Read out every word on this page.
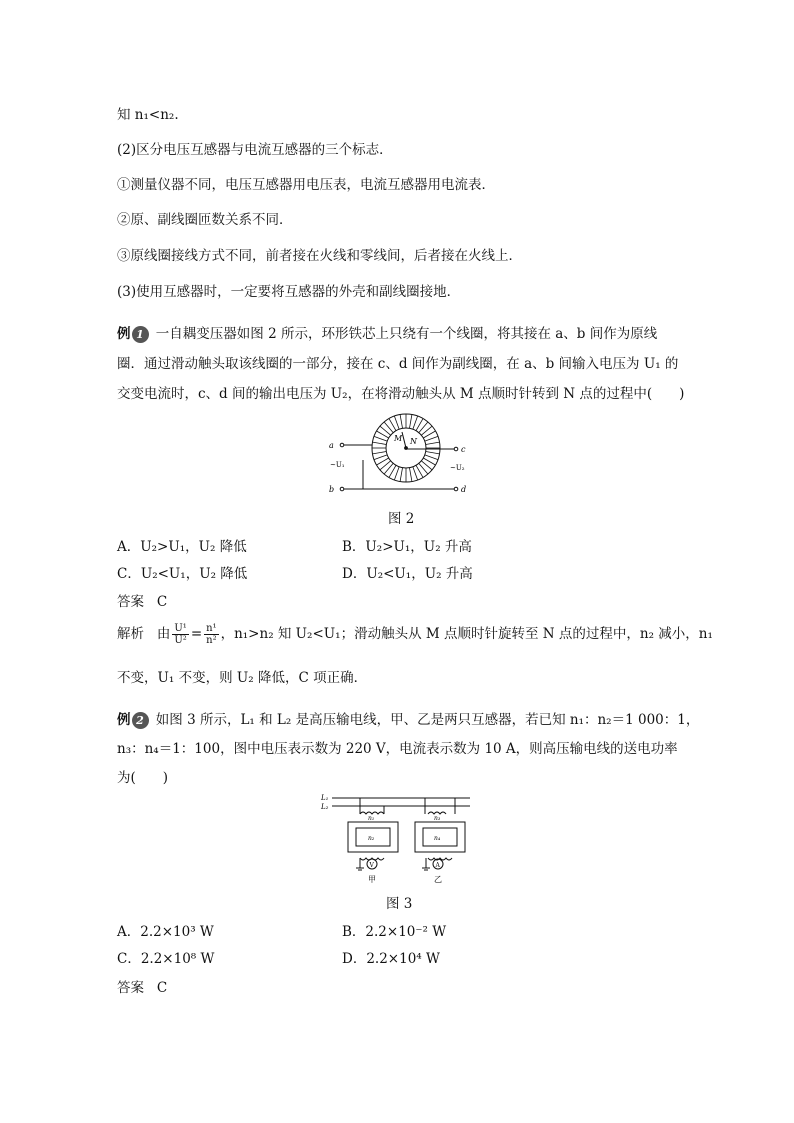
知 n₁<n₂.
(2)区分电压互感器与电流互感器的三个标志．
①测量仪器不同，电压互感器用电压表，电流互感器用电流表．
②原、副线圈匝数关系不同．
③原线圈接线方式不同，前者接在火线和零线间，后者接在火线上．
(3)使用互感器时，一定要将互感器的外壳和副线圈接地．
例 1 一自耦变压器如图 2 所示，环形铁芯上只绕有一个线圈，将其接在 a、b 间作为原线
圈．通过滑动触头取该线圈的一部分，接在 c、d 间作为副线圈，在 a、b 间输入电压为 U₁ 的
交变电流时，c、d 间的输出电压为 U₂，在将滑动触头从 M 点顺时针转到 N 点的过程中(　　)
a
b
c
d
~U₁	~U₂
M N
图 2
A．U₂>U₁，U₂ 降低	B．U₂>U₁，U₂ 升高
C．U₂<U₁，U₂ 降低	D．U₂<U₁，U₂ 升高
答案 C
解析 由 $\frac{\text{U¹}}{\text{U²}} = \frac{\text{n¹}}{\text{n²}}$ ，n₁>n₂ 知 U₂<U₁；滑动触头从 M 点顺时针旋转至 N 点的过程中，n₂ 减小，n₁
不变，U₁ 不变，则 U₂ 降低，C 项正确．
例 2 如图 3 所示，L₁ 和 L₂ 是高压输电线，甲、乙是两只互感器，若已知 n₁：n₂＝1 000：1，
n₃：n₄＝1：100，图中电压表示数为 220 V，电流表示数为 10 A，则高压输电线的送电功率
为(　　)
L₁
L₂
n₁
n₂
n₃
n₄
V	A
甲	乙
图 3
A．2.2×10³ W	B．2.2×10⁻² W
C．2.2×10⁸ W	D．2.2×10⁴ W
答案 C
